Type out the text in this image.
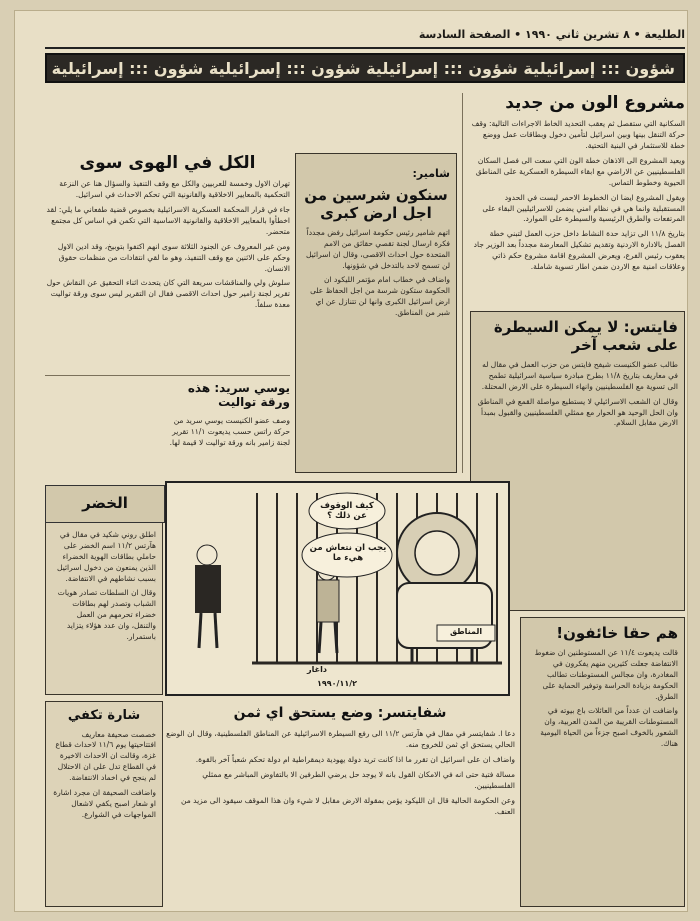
الطليعة • ٨ تشرين ثاني ١٩٩٠ • الصفحة السادسة
شؤون ::: إسرائيلية شؤون ::: إسرائيلية شؤون ::: إسرائيلية شؤون ::: إسرائيلية
مشروع الون من جديد

السكانية التي ستفصل ثم يعقب التحديد الخاط الاجراءات التالية: وقف حركة التنقل بينها وبين اسرائيل لتأمين دخول وبطاقات عمل ووضع خطة للاستثمار في البنية التحتية.

ويعيد المشروع الى الاذهان خطة الون التي سعت الى فصل السكان الفلسطينيين عن الاراضي مع ابقاء السيطرة العسكرية على المناطق الحيوية وخطوط التماس.

ويقول المشروع ايضا ان الخطوط الاحمر ليست في الحدود المستقبلية وانما هي في نظام امني يضمن للاسرائيليين البقاء على المرتفعات والطرق الرئيسية والسيطرة على الموارد.

بتاريخ ١١/٨ الى تزايد حدة النشاط داخل حزب العمل لتبني خطة الفصل بالادارة الاردنية وتقديم تشكيل المعارضة مجدداً بعد الوزير جاد يعقوب رئيس الفرع، ويعرض المشروع اقامة مشروع حكم ذاتي وعلاقات امنية مع الاردن ضمن اطار تسوية شاملة.

فايتس: لا يمكن السيطرة على شعب آخر

طالب عضو الكنيست شيفح فايتس من حزب العمل في مقال له في معاريف بتاريخ ١١/٨ بطرح مبادرة سياسية اسرائيلية تطمح الى تسوية مع الفلسطينيين وانهاء السيطرة على الارض المحتلة.

وقال ان الشعب الاسرائيلي لا يستطيع مواصلة القمع في المناطق وان الحل الوحيد هو الحوار مع ممثلي الفلسطينيين والقبول بمبدأ الارض مقابل السلام.

هم حقا خائفون!

قالت يديعوت ١١/٤ عن المستوطنين ان ضغوط الانتفاضة جعلت كثيرين منهم يفكرون في المغادرة، وان مجالس المستوطنات تطالب الحكومة بزيادة الحراسة وتوفير الحماية على الطرق.

واضافت ان عدداً من العائلات باع بيوته في المستوطنات القريبة من المدن العربية، وان الشعور بالخوف اصبح جزءاً من الحياة اليومية هناك.

شامير:
سنكون شرسين من اجل ارض كبرى

اتهم شامير رئيس حكومة اسرائيل رفض مجدداً فكرة ارسال لجنة تقصي حقائق من الامم المتحدة حول احداث الاقصى، وقال ان اسرائيل لن تسمح لاحد بالتدخل في شؤونها.

واضاف في خطاب امام مؤتمر الليكود ان الحكومة ستكون شرسة من اجل الحفاظ على ارض اسرائيل الكبرى وانها لن تتنازل عن اي شبر من المناطق.

الكل في الهوى سوى

تهران الاول وخمسة للعربيين والكل مع وقف التنفيذ والسؤال هنا عن النزعة التحكمية بالمعايير الاخلاقية والقانونية التي تحكم الاحداث في اسرائيل.

جاء في قرار المحكمة العسكرية الاسرائيلية بخصوص قضية طفعاني ما يلي: لقد اخطأوا بالمعايير الاخلاقية والقانونية الاساسية التي تكمن في اساس كل مجتمع متحضر.

ومن غير المعروف عن الجنود الثلاثة سوى انهم اكتفوا بتوبيخ، وقد ادين الاول وحكم على الاثنين مع وقف التنفيذ، وهو ما لقي انتقادات من منظمات حقوق الانسان.

سلوش ولي والمناقشات سريعة التي كان يتحدث اثناء التحقيق عن النقاش حول تقرير لجنة زامير حول احداث الاقصى فقال ان التقرير ليس سوى ورقة تواليت معدة سلفاً.

يوسي سريد: هذه ورقة تواليت

وصف عضو الكنيست يوسي سريد من حركة راتس حسب يديعوت ١١/١ تقرير لجنة زامير بانه ورقة تواليت لا قيمة لها.

اطلق روني شكيد في مقال في هآرتس ١١/٢ اسم الخضر على حاملي بطاقات الهوية الخضراء الذين يمنعون من دخول اسرائيل بسبب نشاطهم في الانتفاضة.

وقال ان السلطات تصادر هويات الشباب وتصدر لهم بطاقات خضراء تحرمهم من العمل والتنقل، وان عدد هؤلاء يتزايد باستمرار.

الخضر
شارة تكفي

خصصت صحيفة معاريف افتتاحيتها يوم ١١/٦ لاحداث قطاع غزة، وقالت ان الاحداث الاخيرة في القطاع تدل على ان الاحتلال لم ينجح في اخماد الانتفاضة.

واضافت الصحيفة ان مجرد اشارة او شعار اصبح يكفي لاشعال المواجهات في الشوارع.

كيف الوقوف عن ذلك ؟
يجب ان نتعاش من هيء ما
المناطق
داغار
١٩٩٠/١١/٢
شفايتسر: وضع يستحق اي ثمن

دعا ا. شفايتسر في مقال في هآرتس ١١/٢ الى رفع السيطرة الاسرائيلية عن المناطق الفلسطينية، وقال ان الوضع الحالي يستحق اي ثمن للخروج منه.

واضاف ان على اسرائيل ان تقرر ما اذا كانت تريد دولة يهودية ديمقراطية ام دولة تحكم شعباً آخر بالقوة.

مسالة فتية حتى انه في الامكان القول بانه لا يوجد حل يرضي الطرفين الا بالتفاوض المباشر مع ممثلي الفلسطينيين.

وعن الحكومة الحالية قال ان الليكود يؤمن بمقولة الارض مقابل لا شيء وان هذا الموقف سيقود الى مزيد من العنف.
